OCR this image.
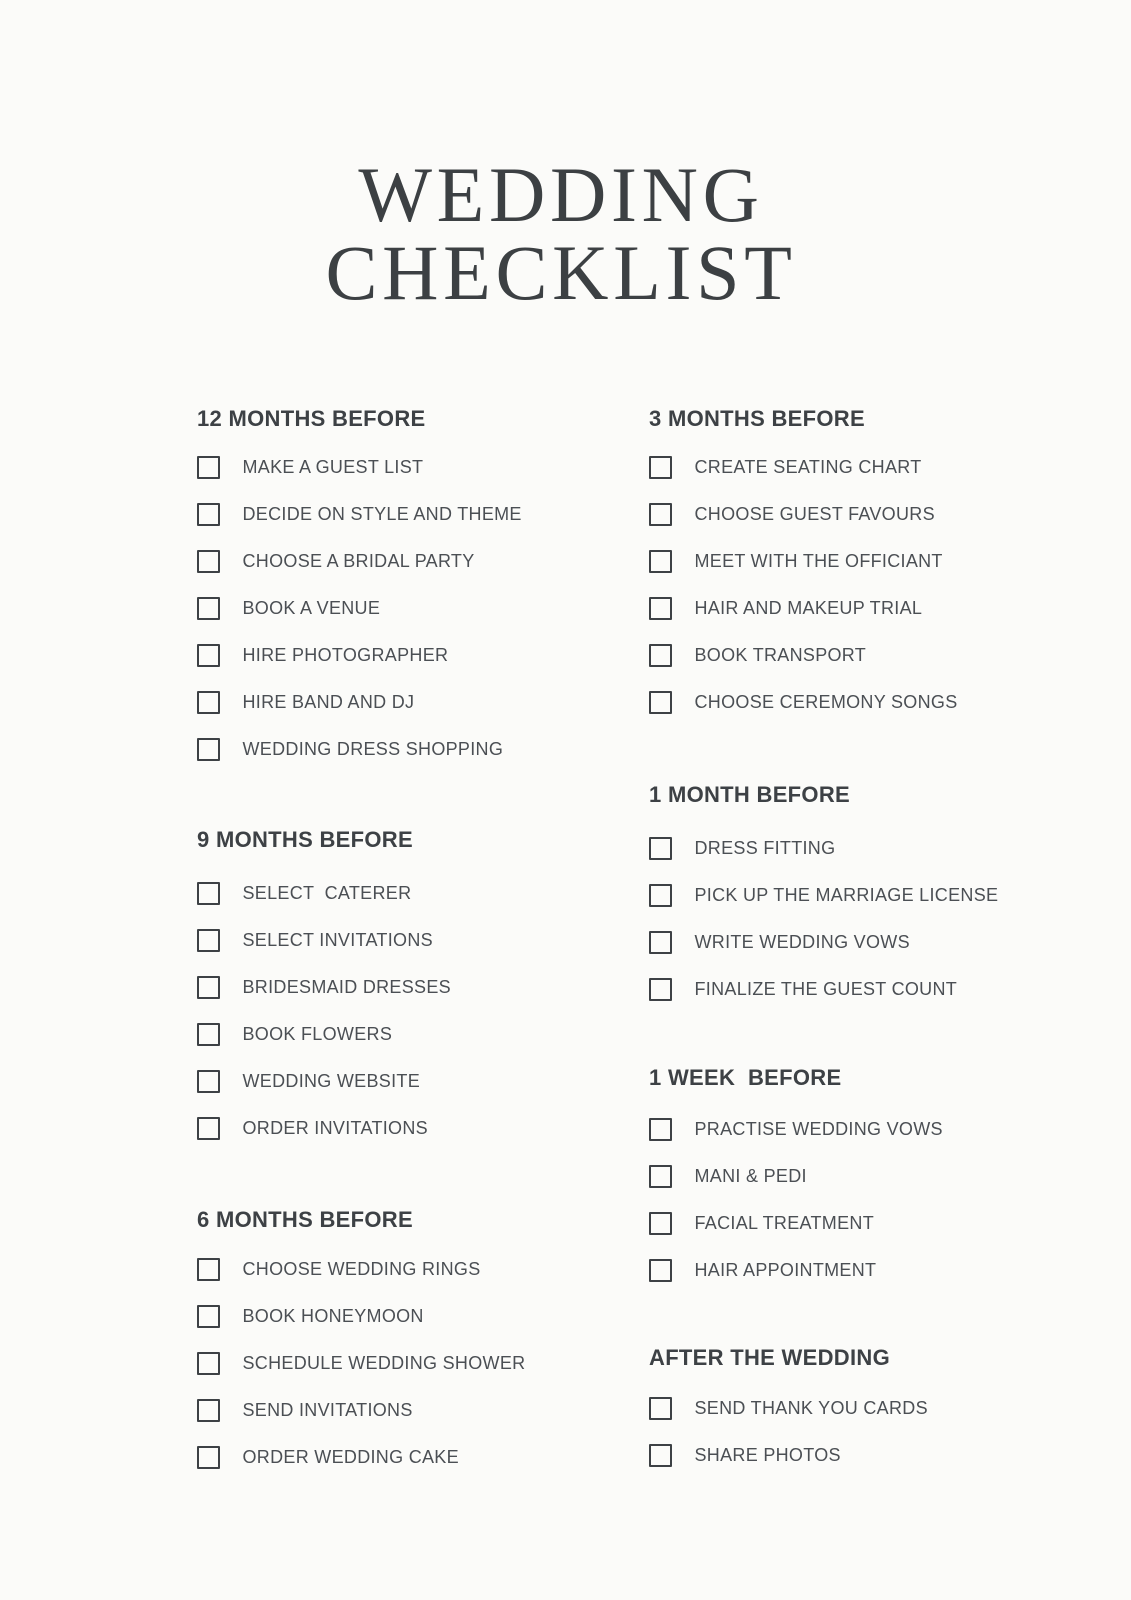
WEDDING
CHECKLIST
12 MONTHS BEFORE
MAKE A GUEST LIST
DECIDE ON STYLE AND THEME
CHOOSE A BRIDAL PARTY
BOOK A VENUE
HIRE PHOTOGRAPHER
HIRE BAND AND DJ
WEDDING DRESS SHOPPING
9 MONTHS BEFORE
SELECT  CATERER
SELECT INVITATIONS
BRIDESMAID DRESSES
BOOK FLOWERS
WEDDING WEBSITE
ORDER INVITATIONS
6 MONTHS BEFORE
CHOOSE WEDDING RINGS
BOOK HONEYMOON
SCHEDULE WEDDING SHOWER
SEND INVITATIONS
ORDER WEDDING CAKE
3 MONTHS BEFORE
CREATE SEATING CHART
CHOOSE GUEST FAVOURS
MEET WITH THE OFFICIANT
HAIR AND MAKEUP TRIAL
BOOK TRANSPORT
CHOOSE CEREMONY SONGS
1 MONTH BEFORE
DRESS FITTING
PICK UP THE MARRIAGE LICENSE
WRITE WEDDING VOWS
FINALIZE THE GUEST COUNT
1 WEEK  BEFORE
PRACTISE WEDDING VOWS
MANI & PEDI
FACIAL TREATMENT
HAIR APPOINTMENT
AFTER THE WEDDING
SEND THANK YOU CARDS
SHARE PHOTOS
